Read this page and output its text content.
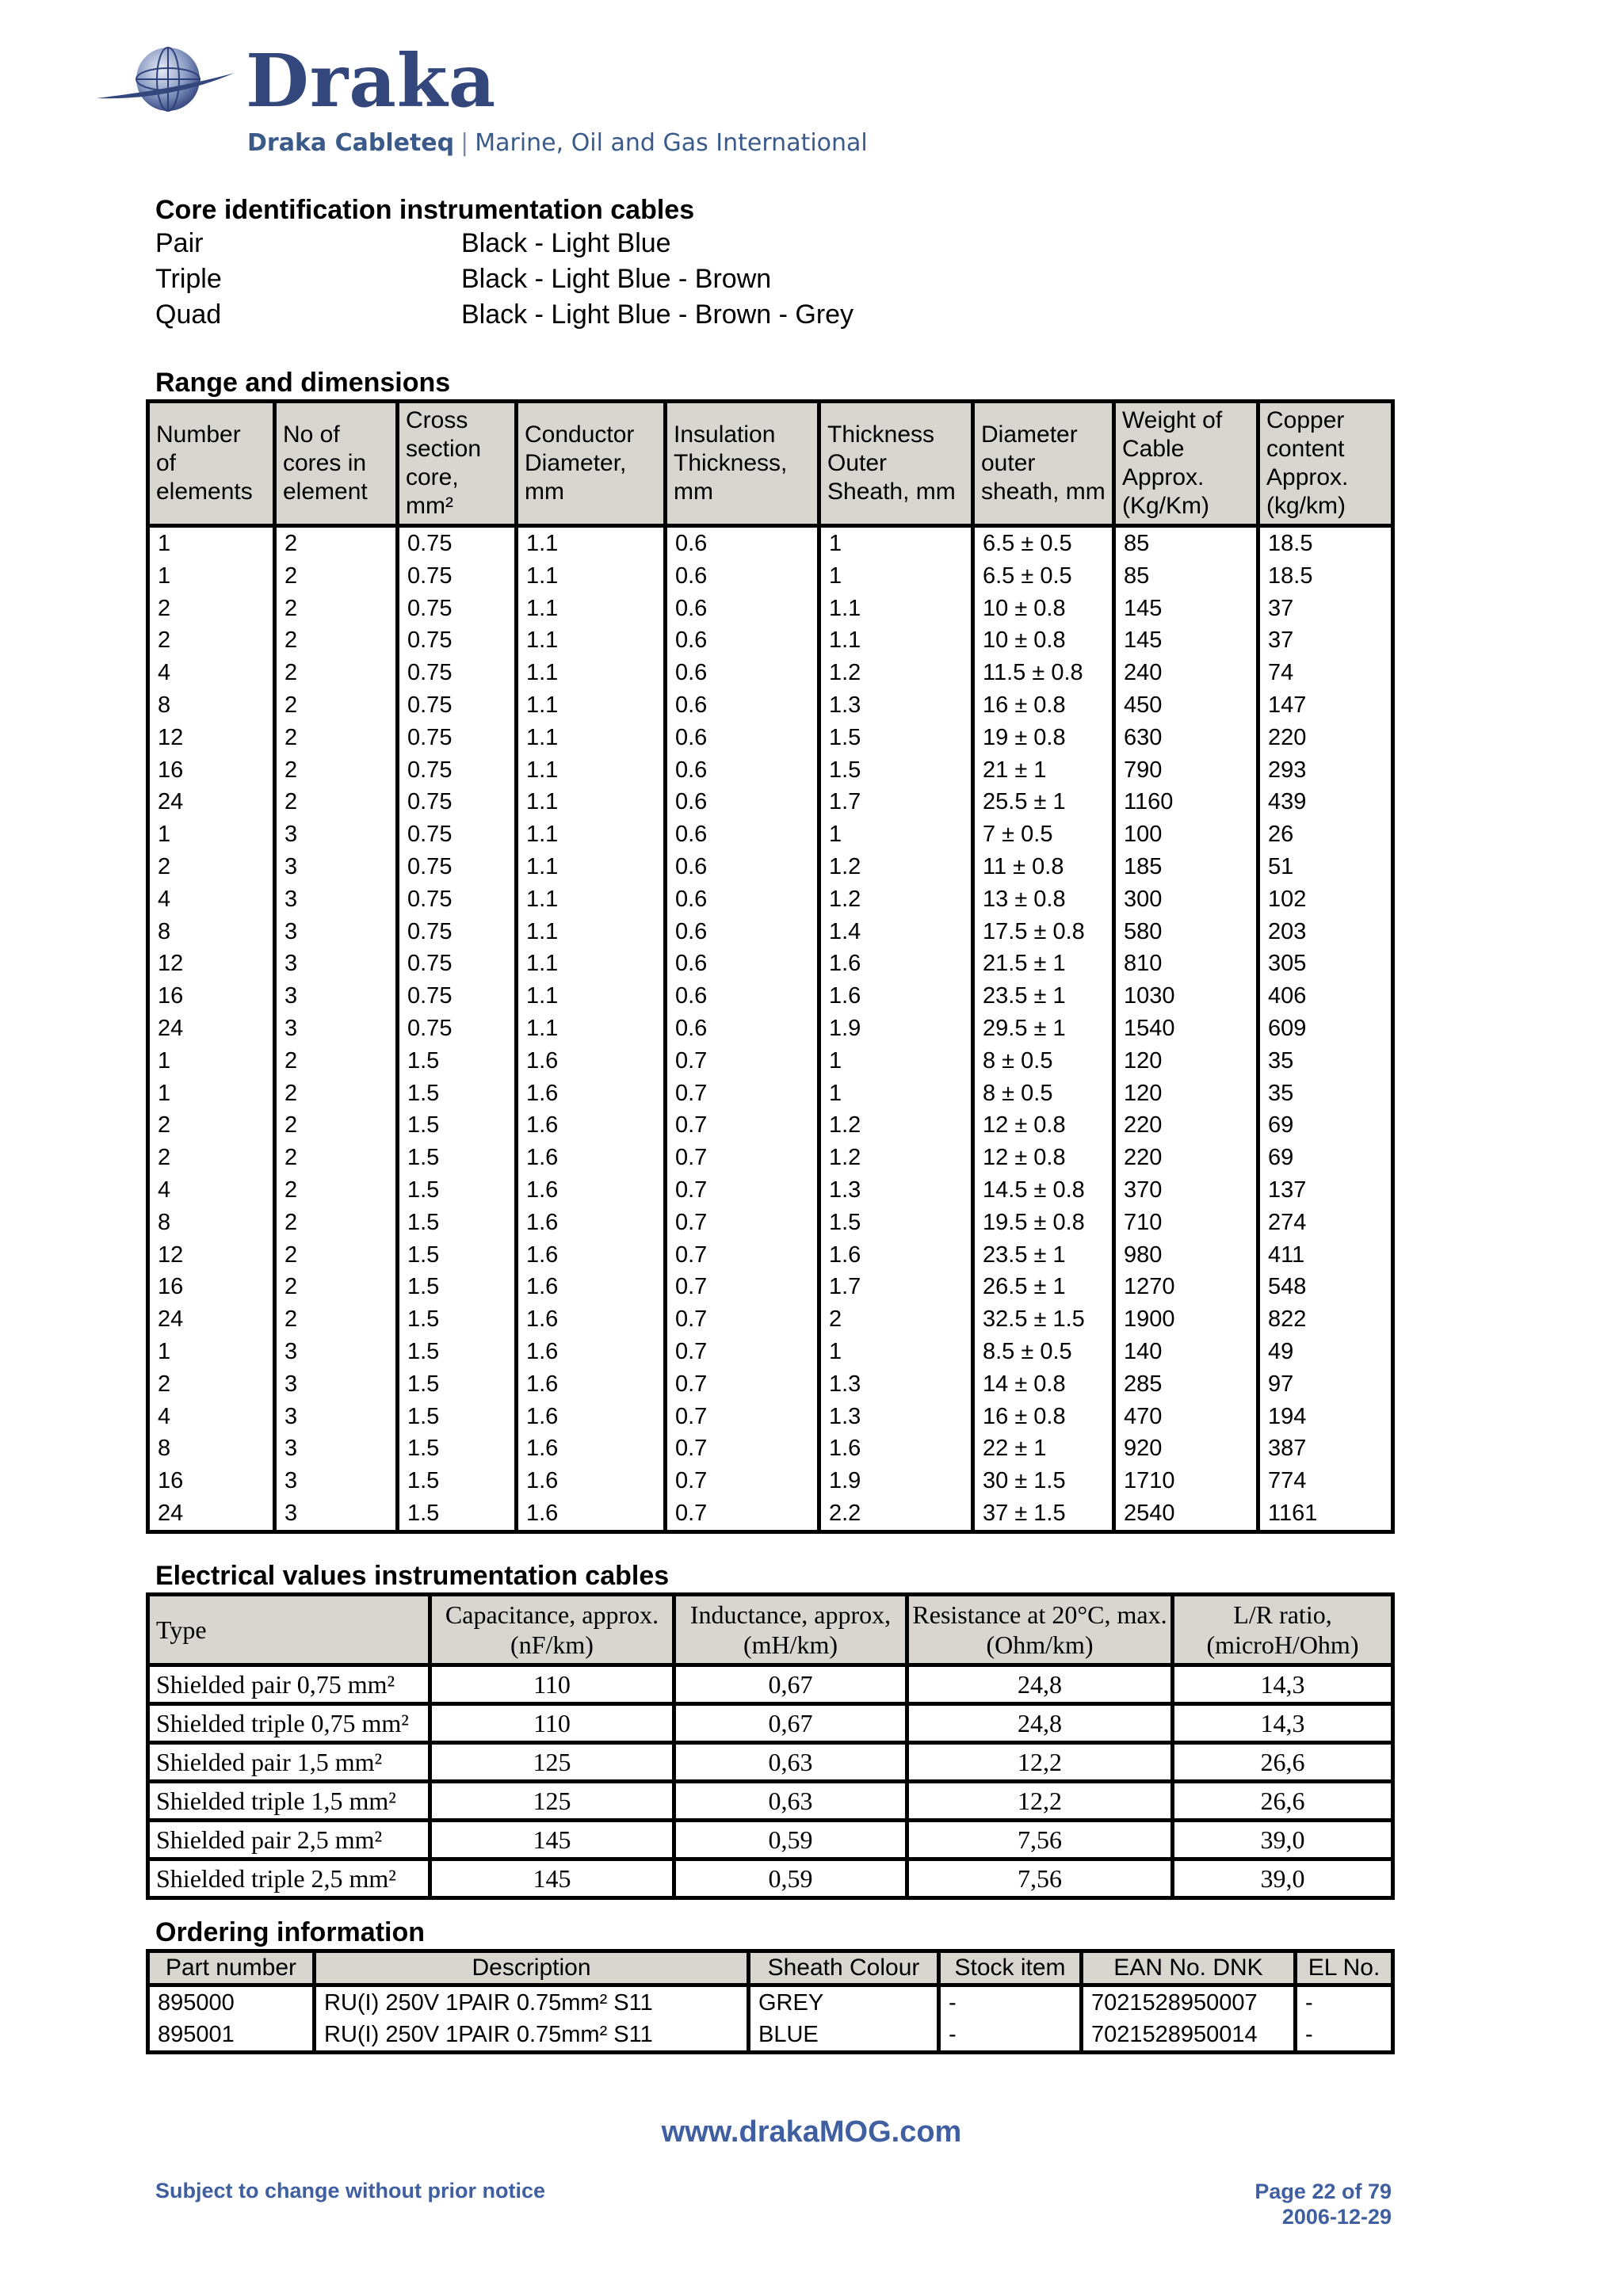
Draka
Draka Cableteq | Marine, Oil and Gas International
Core identification instrumentation cables
Pair	Black - Light Blue
Triple	Black - Light Blue - Brown
Quad	Black - Light Blue - Brown - Grey
Range and dimensions
Number of elements	No of cores in element	Cross section core, mm²	Conductor Diameter, mm	Insulation Thickness, mm	Thickness Outer Sheath, mm	Diameter outer sheath, mm	Weight of Cable Approx. (Kg/Km)	Copper content Approx. (kg/km)
1	2	0.75	1.1	0.6	1	6.5 ± 0.5	85	18.5
1	2	0.75	1.1	0.6	1	6.5 ± 0.5	85	18.5
2	2	0.75	1.1	0.6	1.1	10 ± 0.8	145	37
2	2	0.75	1.1	0.6	1.1	10 ± 0.8	145	37
4	2	0.75	1.1	0.6	1.2	11.5 ± 0.8	240	74
8	2	0.75	1.1	0.6	1.3	16 ± 0.8	450	147
12	2	0.75	1.1	0.6	1.5	19 ± 0.8	630	220
16	2	0.75	1.1	0.6	1.5	21 ± 1	790	293
24	2	0.75	1.1	0.6	1.7	25.5 ± 1	1160	439
1	3	0.75	1.1	0.6	1	7 ± 0.5	100	26
2	3	0.75	1.1	0.6	1.2	11 ± 0.8	185	51
4	3	0.75	1.1	0.6	1.2	13 ± 0.8	300	102
8	3	0.75	1.1	0.6	1.4	17.5 ± 0.8	580	203
12	3	0.75	1.1	0.6	1.6	21.5 ± 1	810	305
16	3	0.75	1.1	0.6	1.6	23.5 ± 1	1030	406
24	3	0.75	1.1	0.6	1.9	29.5 ± 1	1540	609
1	2	1.5	1.6	0.7	1	8 ± 0.5	120	35
1	2	1.5	1.6	0.7	1	8 ± 0.5	120	35
2	2	1.5	1.6	0.7	1.2	12 ± 0.8	220	69
2	2	1.5	1.6	0.7	1.2	12 ± 0.8	220	69
4	2	1.5	1.6	0.7	1.3	14.5 ± 0.8	370	137
8	2	1.5	1.6	0.7	1.5	19.5 ± 0.8	710	274
12	2	1.5	1.6	0.7	1.6	23.5 ± 1	980	411
16	2	1.5	1.6	0.7	1.7	26.5 ± 1	1270	548
24	2	1.5	1.6	0.7	2	32.5 ± 1.5	1900	822
1	3	1.5	1.6	0.7	1	8.5 ± 0.5	140	49
2	3	1.5	1.6	0.7	1.3	14 ± 0.8	285	97
4	3	1.5	1.6	0.7	1.3	16 ± 0.8	470	194
8	3	1.5	1.6	0.7	1.6	22 ± 1	920	387
16	3	1.5	1.6	0.7	1.9	30 ± 1.5	1710	774
24	3	1.5	1.6	0.7	2.2	37 ± 1.5	2540	1161
Electrical values instrumentation cables
Type	Capacitance, approx. (nF/km)	Inductance, approx, (mH/km)	Resistance at 20°C, max. (Ohm/km)	L/R ratio, (microH/Ohm)
Shielded pair 0,75 mm²	110	0,67	24,8	14,3
Shielded triple 0,75 mm²	110	0,67	24,8	14,3
Shielded pair 1,5 mm²	125	0,63	12,2	26,6
Shielded triple 1,5 mm²	125	0,63	12,2	26,6
Shielded pair 2,5 mm²	145	0,59	7,56	39,0
Shielded triple 2,5 mm²	145	0,59	7,56	39,0
Ordering information
Part number	Description	Sheath Colour	Stock item	EAN No. DNK	EL No.
895000	RU(I) 250V 1PAIR 0.75mm² S11	GREY	-	7021528950007	-
895001	RU(I) 250V 1PAIR 0.75mm² S11	BLUE	-	7021528950014	-
www.drakaMOG.com
Subject to change without prior notice	Page 22 of 79
2006-12-29
